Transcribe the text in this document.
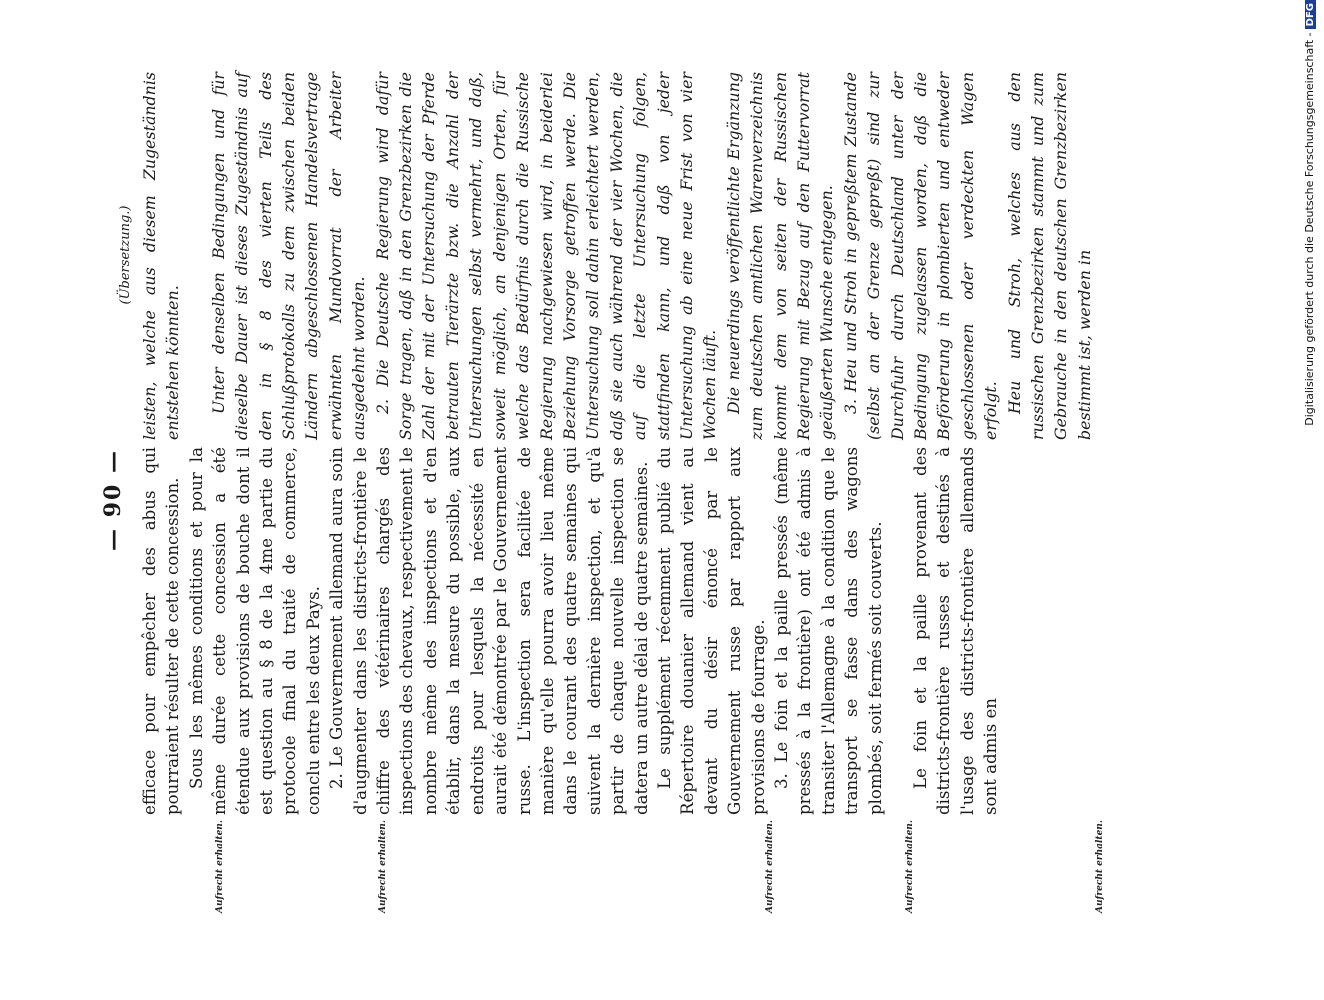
— 90 —
(Übersetzung.)
Aufrecht erhalten.	Aufrecht erhalten.	Aufrecht erhalten.	Aufrecht erhalten.	Aufrecht erhalten.

efficace pour empêcher des abus qui pourraient résulter de cette concession. Sous les mêmes conditions et pour la même durée cette concession a été étendue aux provisions de bouche dont il est question au § 8 de la 4me partie du protocole final du traité de commerce, conclu entre les deux Pays. 2. Le Gouvernement allemand aura soin d'augmenter dans les districts-frontière le chiffre des vétérinaires chargés des inspections des chevaux, respectivement le nombre même des inspections et d'en établir, dans la mesure du possible, aux endroits pour lesquels la nécessité en aurait été démontrée par le Gouvernement russe. L'inspection sera facilitée de manière qu'elle pourra avoir lieu même dans le courant des quatre semaines qui suivent la dernière inspection, et qu'à partir de chaque nouvelle inspection se datera un autre délai de quatre semaines. Le supplément récemment publié du Répertoire douanier allemand vient au devant du désir énoncé par le Gouvernement russe par rapport aux provisions de fourrage. 3. Le foin et la paille pressés (même pressés à la frontière) ont été admis à transiter l'Allemagne à la condition que le transport se fasse dans des wagons plombés, soit fermés soit couverts. Le foin et la paille provenant des districts-frontière russes et destinés à l'usage des districts-frontière allemands sont admis en

leisten, welche aus diesem Zugeständnis entstehen könnten. Unter denselben Bedingungen und für dieselbe Dauer ist dieses Zugeständnis auf den in § 8 des vierten Teils des Schlußprotokolls zu dem zwischen beiden Ländern abgeschlossenen Handelsvertrage erwähnten Mundvorrat der Arbeiter ausgedehnt worden. 2. Die Deutsche Regierung wird dafür Sorge tragen, daß in den Grenzbezirken die Zahl der mit der Untersuchung der Pferde betrauten Tierärzte bzw. die Anzahl der Untersuchungen selbst vermehrt, und daß, soweit möglich, an denjenigen Orten, für welche das Bedürfnis durch die Russische Regierung nachgewiesen wird, in beiderlei Beziehung Vorsorge getroffen werde. Die Untersuchung soll dahin erleichtert werden, daß sie auch während der vier Wochen, die auf die letzte Untersuchung folgen, stattfinden kann, und daß von jeder Untersuchung ab eine neue Frist von vier Wochen läuft. Die neuerdings veröffentlichte Ergänzung zum deutschen amtlichen Warenverzeichnis kommt dem von seiten der Russischen Regierung mit Bezug auf den Futtervorrat geäußerten Wunsche entgegen. 3. Heu und Stroh in gepreßtem Zustande (selbst an der Grenze gepreßt) sind zur Durchfuhr durch Deutschland unter der Bedingung zugelassen worden, daß die Beförderung in plombierten und entweder geschlossenen oder verdeckten Wagen erfolgt. Heu und Stroh, welches aus den russischen Grenzbezirken stammt und zum Gebrauche in den deutschen Grenzbezirken bestimmt ist, werden in	Digitalisierung gefördert durch die Deutsche Forschungsgemeinschaft -DFG
